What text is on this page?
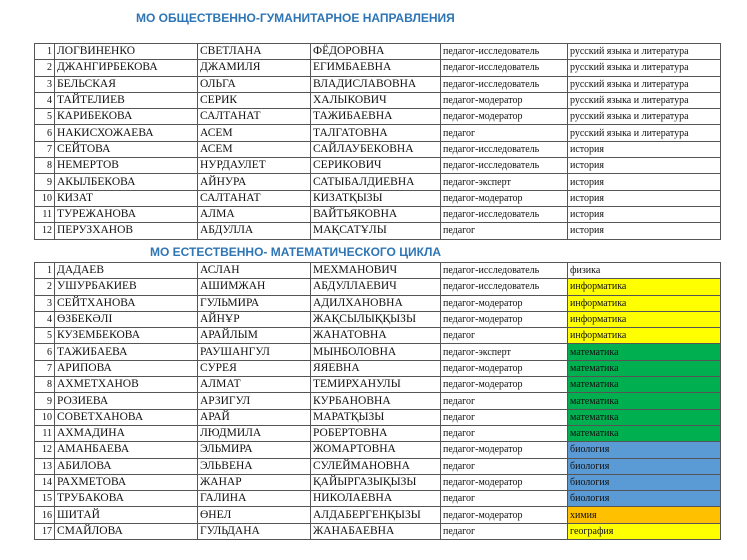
МО ОБЩЕСТВЕННО-ГУМАНИТАРНОЕ НАПРАВЛЕНИЯ
1	ЛОГВИНЕНКО	СВЕТЛАНА	ФЁДОРОВНА	педагог-исследователь	русский языка и литература
2	ДЖАНГИРБЕКОВА	ДЖАМИЛЯ	ЕГИМБАЕВНА	педагог-исследователь	русский языка и литература
3	БЕЛЬСКАЯ	ОЛЬГА	ВЛАДИСЛАВОВНА	педагог-исследователь	русский языка и литература
4	ТАЙТЕЛИЕВ	СЕРИК	ХАЛЫКОВИЧ	педагог-модератор	русский языка и литература
5	КАРИБЕКОВА	САЛТАНАТ	ТАЖИБАЕВНА	педагог-модератор	русский языка и литература
6	НАКИСХОЖАЕВА	АСЕМ	ТАЛГАТОВНА	педагог	русский языка и литература
7	СЕЙТОВА	АСЕМ	САЙЛАУБЕКОВНА	педагог-исследователь	история
8	НЕМЕРТОВ	НУРДАУЛЕТ	СЕРИКОВИЧ	педагог-исследователь	история
9	АКЫЛБЕКОВА	АЙНУРА	САТЫБАЛДИЕВНА	педагог-эксперт	история
10	КИЗАТ	САЛТАНАТ	КИЗАТҚЫЗЫ	педагог-модератор	история
11	ТУРЕЖАНОВА	АЛМА	ВАЙТЬЯКОВНА	педагог-исследователь	история
12	ПЕРУЗХАНОВ	АБДУЛЛА	МАҚСАТҰЛЫ	педагог	история
МО ЕСТЕСТВЕННО- МАТЕМАТИЧЕСКОГО ЦИКЛА
1	ДАДАЕВ	АСЛАН	МЕХМАНОВИЧ	педагог-исследователь	физика
2	УШУРБАКИЕВ	АШИМЖАН	АБДУЛЛАЕВИЧ	педагог-исследователь	информатика
3	СЕЙТХАНОВА	ГУЛЬМИРА	АДИЛХАНОВНА	педагог-модератор	информатика
4	ӨЗБЕКӘЛІ	АЙНҰР	ЖАҚСЫЛЫҚҚЫЗЫ	педагог-модератор	информатика
5	КУЗЕМБЕКОВА	АРАЙЛЫМ	ЖАНАТОВНА	педагог	информатика
6	ТАЖИБАЕВА	РАУШАНГУЛ	МЫНБОЛОВНА	педагог-эксперт	математика
7	АРИПОВА	СУРЕЯ	ЯЯЕВНА	педагог-модератор	математика
8	АХМЕТХАНОВ	АЛМАТ	ТЕМИРХАНУЛЫ	педагог-модератор	математика
9	РОЗИЕВА	АРЗИГУЛ	КУРБАНОВНА	педагог	математика
10	СОВЕТХАНОВА	АРАЙ	МАРАТҚЫЗЫ	педагог	математика
11	АХМАДИНА	ЛЮДМИЛА	РОБЕРТОВНА	педагог	математика
12	АМАНБАЕВА	ЭЛЬМИРА	ЖОМАРТОВНА	педагог-модератор	биология
13	АБИЛОВА	ЭЛЬВЕНА	СУЛЕЙМАНОВНА	педагог	биология
14	РАХМЕТОВА	ЖАНАР	ҚАЙЫРГАЗЫҚЫЗЫ	педагог-модератор	биология
15	ТРУБАКОВА	ГАЛИНА	НИКОЛАЕВНА	педагог	биология
16	ШИТАЙ	ӨНЕЛ	АЛДАБЕРГЕНҚЫЗЫ	педагог-модератор	химия
17	СМАЙЛОВА	ГУЛЬДАНА	ЖАНАБАЕВНА	педагог	география
